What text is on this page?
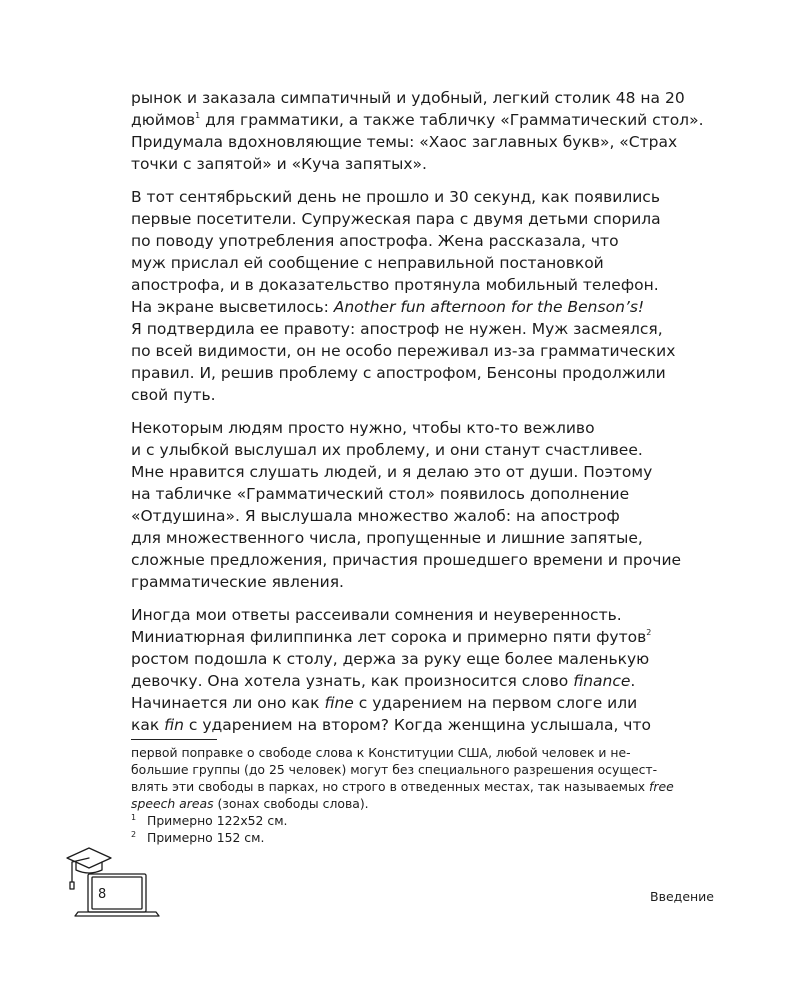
рынок и заказала симпатичный и удобный, легкий столик 48 на 20
дюймов$^1$ для грамматики, а также табличку «Грамматический стол».
Придумала вдохновляющие темы: «Хаос заглавных букв», «Страх
точки с запятой» и «Куча запятых».

В тот сентябрьский день не прошло и 30 секунд, как появились
первые посетители. Супружеская пара с двумя детьми спорила
по поводу употребления апострофа. Жена рассказала, что
муж прислал ей сообщение с неправильной постановкой
апострофа, и в доказательство протянула мобильный телефон.
На экране высветилось: Another fun afternoon for the Benson’s!
Я подтвердила ее правоту: апостроф не нужен. Муж засмеялся,
по всей видимости, он не особо переживал из-за грамматических
правил. И, решив проблему с апострофом, Бенсоны продолжили
свой путь.

Некоторым людям просто нужно, чтобы кто-то вежливо
и с улыбкой выслушал их проблему, и они станут счастливее.
Мне нравится слушать людей, и я делаю это от души. Поэтому
на табличке «Грамматический стол» появилось дополнение
«Отдушина». Я выслушала множество жалоб: на апостроф
для множественного числа, пропущенные и лишние запятые,
сложные предложения, причастия прошедшего времени и прочие
грамматические явления.

Иногда мои ответы рассеивали сомнения и неуверенность.
Миниатюрная филиппинка лет сорока и примерно пяти футов$^2$
ростом подошла к столу, держа за руку еще более маленькую
девочку. Она хотела узнать, как произносится слово finance.
Начинается ли оно как fine с ударением на первом слоге или
как fin с ударением на втором? Когда женщина услышала, что

первой поправке о свободе слова к Конституции США, любой человек и не-
большие группы (до 25 человек) могут без специального разрешения осущест-
влять эти свободы в парках, но строго в отведенных местах, так называемых free
speech areas (зонах свободы слова).
1 Примерно 122х52 см.
2 Примерно 152 см.
8	Введение
